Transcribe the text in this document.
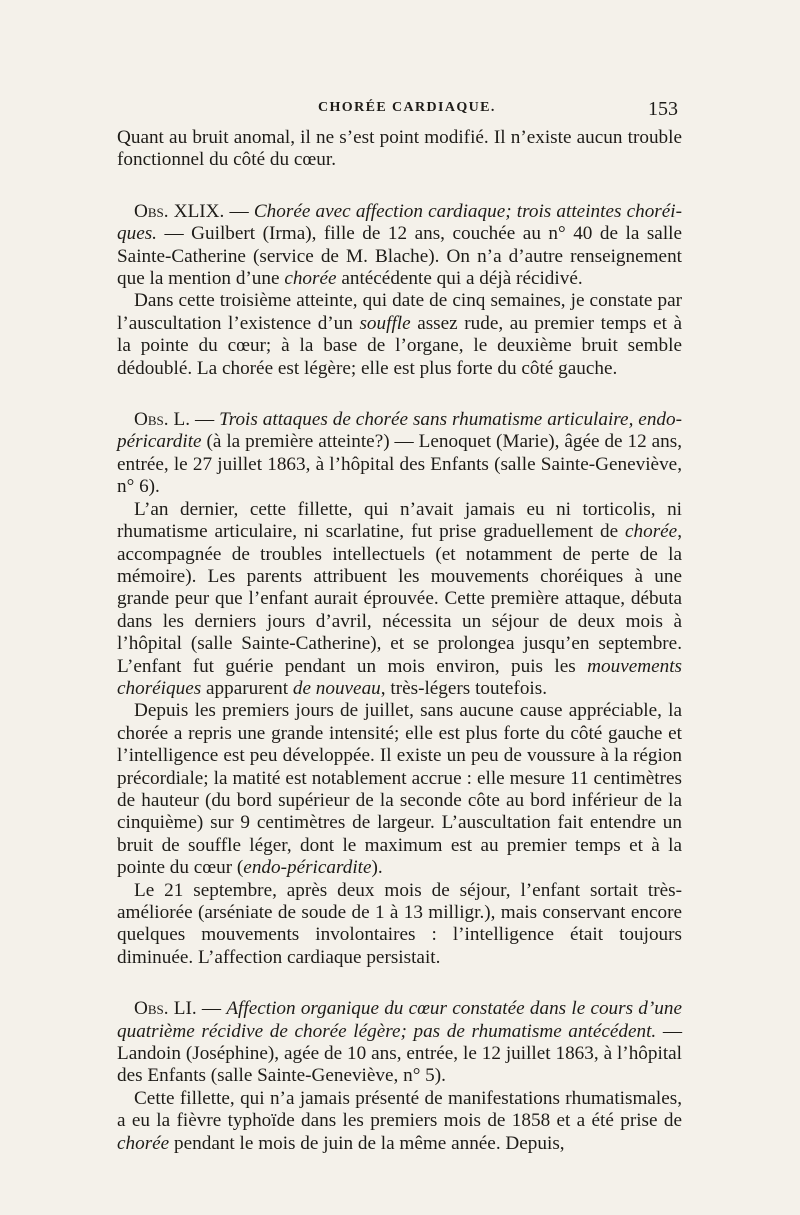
CHORÉE CARDIAQUE.	153

Quant au bruit anomal, il ne s’est point modifié. Il n’existe aucun trouble fonctionnel du côté du cœur.

Obs. XLIX. — Chorée avec affection cardiaque; trois atteintes choréiques. — Guilbert (Irma), fille de 12 ans, couchée au n° 40 de la salle Sainte-Catherine (service de M. Blache). On n’a d’autre renseignement que la mention d’une chorée antécédente qui a déjà récidivé.

Dans cette troisième atteinte, qui date de cinq semaines, je constate par l’auscultation l’existence d’un souffle assez rude, au premier temps et à la pointe du cœur; à la base de l’organe, le deuxième bruit semble dédoublé. La chorée est légère; elle est plus forte du côté gauche.

Obs. L. — Trois attaques de chorée sans rhumatisme articulaire, endopéricardite (à la première atteinte?) — Lenoquet (Marie), âgée de 12 ans, entrée, le 27 juillet 1863, à l’hôpital des Enfants (salle Sainte-Geneviève, n° 6).

L’an dernier, cette fillette, qui n’avait jamais eu ni torticolis, ni rhumatisme articulaire, ni scarlatine, fut prise graduellement de chorée, accompagnée de troubles intellectuels (et notamment de perte de la mémoire). Les parents attribuent les mouvements choréiques à une grande peur que l’enfant aurait éprouvée. Cette première attaque, débuta dans les derniers jours d’avril, nécessita un séjour de deux mois à l’hôpital (salle Sainte-Catherine), et se prolongea jusqu’en septembre. L’enfant fut guérie pendant un mois environ, puis les mouvements choréiques apparurent de nouveau, très-légers toutefois.

Depuis les premiers jours de juillet, sans aucune cause appréciable, la chorée a repris une grande intensité; elle est plus forte du côté gauche et l’intelligence est peu développée. Il existe un peu de voussure à la région précordiale; la matité est notablement accrue : elle mesure 11 centimètres de hauteur (du bord supérieur de la seconde côte au bord inférieur de la cinquième) sur 9 centimètres de largeur. L’auscultation fait entendre un bruit de souffle léger, dont le maximum est au premier temps et à la pointe du cœur (endo-péricardite).

Le 21 septembre, après deux mois de séjour, l’enfant sortait très-améliorée (arséniate de soude de 1 à 13 milligr.), mais conservant encore quelques mouvements involontaires : l’intelligence était toujours diminuée. L’affection cardiaque persistait.

Obs. LI. — Affection organique du cœur constatée dans le cours d’une quatrième récidive de chorée légère; pas de rhumatisme antécédent. — Landoin (Joséphine), agée de 10 ans, entrée, le 12 juillet 1863, à l’hôpital des Enfants (salle Sainte-Geneviève, n° 5).

Cette fillette, qui n’a jamais présenté de manifestations rhumatismales, a eu la fièvre typhoïde dans les premiers mois de 1858 et a été prise de chorée pendant le mois de juin de la même année. Depuis,
